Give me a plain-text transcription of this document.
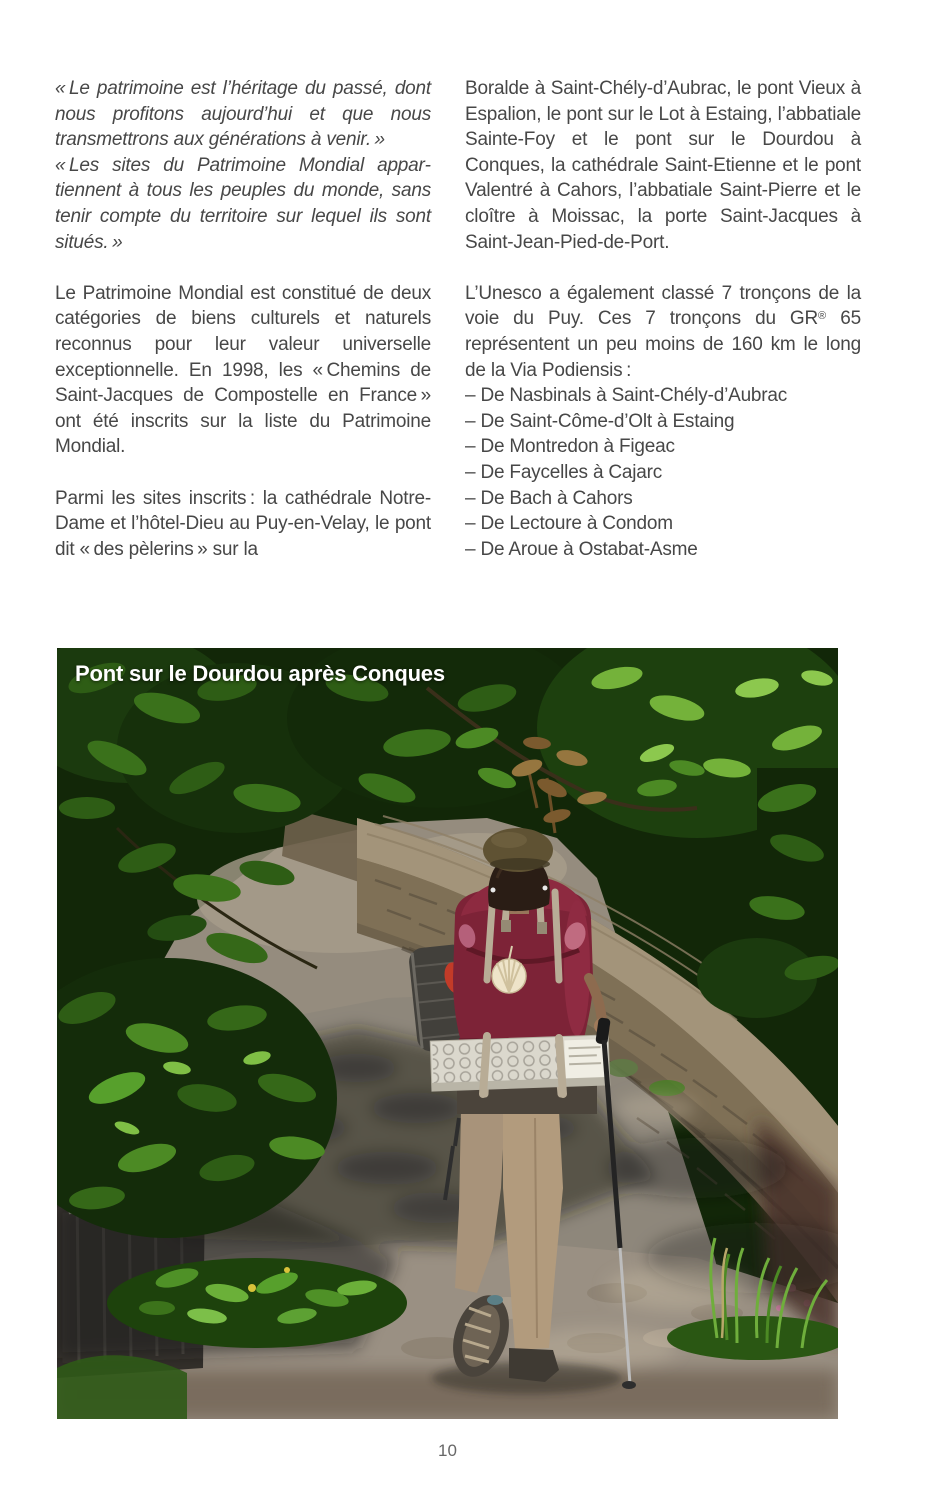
« Le patrimoine est l’héritage du passé, dont nous profitons aujourd’hui et que nous transmettrons aux générations à venir. »

« Les sites du Patrimoine Mondial appartiennent à tous les peuples du monde, sans tenir compte du territoire sur lequel ils sont situés. »

Le Patrimoine Mondial est constitué de deux catégories de biens culturels et naturels reconnus pour leur valeur universelle exceptionnelle. En 1998, les « Chemins de Saint-Jacques de Compostelle en France » ont été inscrits sur la liste du Patrimoine Mondial.

Parmi les sites inscrits : la cathédrale Notre-Dame et l’hôtel-Dieu au Puy-en-Velay, le pont dit « des pèlerins » sur la

Boralde à Saint-Chély-d’Aubrac, le pont Vieux à Espalion, le pont sur le Lot à Estaing, l’abbatiale Sainte-Foy et le pont sur le Dourdou à Conques, la cathédrale Saint-Etienne et le pont Valentré à Cahors, l’abbatiale Saint-Pierre et le cloître à Moissac, la porte Saint-Jacques à Saint-Jean-Pied-de-Port.

L’Unesco a également classé 7 tronçons de la voie du Puy. Ces 7 tronçons du GR® 65 représentent un peu moins de 160 km le long de la Via Podiensis :

– De Nasbinals à Saint-Chély-d’Aubrac
– De Saint-Côme-d’Olt à Estaing
– De Montredon à Figeac
– De Faycelles à Cajarc
– De Bach à Cahors
– De Lectoure à Condom
– De Aroue à Ostabat-Asme
Pont sur le Dourdou après Conques
10
